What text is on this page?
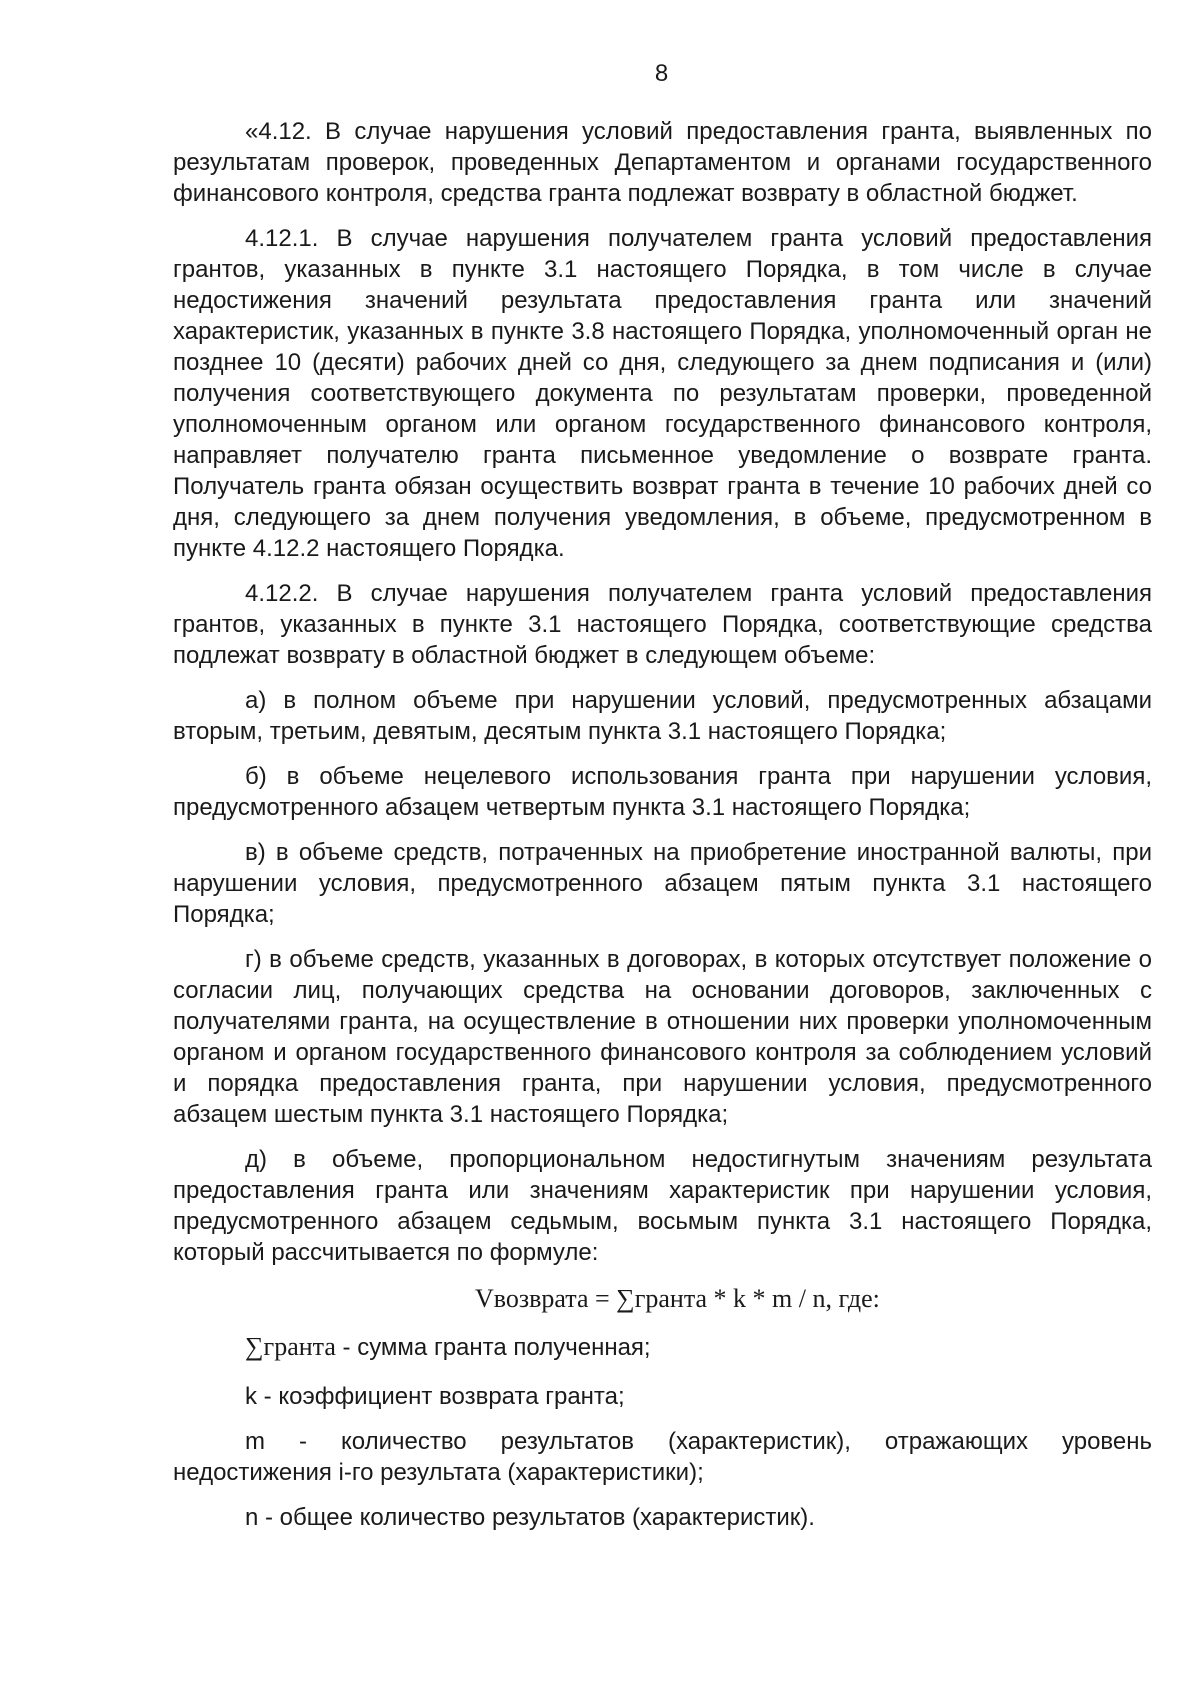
8

«4.12. В случае нарушения условий предоставления гранта, выявленных по результатам проверок, проведенных Департаментом и органами государственного финансового контроля, средства гранта подлежат возврату в областной бюджет.

4.12.1. В случае нарушения получателем гранта условий предоставления грантов, указанных в пункте 3.1 настоящего Порядка, в том числе в случае недостижения значений результата предоставления гранта или значений характеристик, указанных в пункте 3.8 настоящего Порядка, уполномоченный орган не позднее 10 (десяти) рабочих дней со дня, следующего за днем подписания и (или) получения соответствующего документа по результатам проверки, проведенной уполномоченным органом или органом государственного финансового контроля, направляет получателю гранта письменное уведомление о возврате гранта. Получатель гранта обязан осуществить возврат гранта в течение 10 рабочих дней со дня, следующего за днем получения уведомления, в объеме, предусмотренном в пункте 4.12.2 настоящего Порядка.

4.12.2. В случае нарушения получателем гранта условий предоставления грантов, указанных в пункте 3.1 настоящего Порядка, соответствующие средства подлежат возврату в областной бюджет в следующем объеме:

а) в полном объеме при нарушении условий, предусмотренных абзацами вторым, третьим, девятым, десятым пункта 3.1 настоящего Порядка;

б) в объеме нецелевого использования гранта при нарушении условия, предусмотренного абзацем четвертым пункта 3.1 настоящего Порядка;

в) в объеме средств, потраченных на приобретение иностранной валюты, при нарушении условия, предусмотренного абзацем пятым пункта 3.1 настоящего Порядка;

г) в объеме средств, указанных в договорах, в которых отсутствует положение о согласии лиц, получающих средства на основании договоров, заключенных с получателями гранта, на осуществление в отношении них проверки уполномоченным органом и органом государственного финансового контроля за соблюдением условий и порядка предоставления гранта, при нарушении условия, предусмотренного абзацем шестым пункта 3.1 настоящего Порядка;

д) в объеме, пропорциональном недостигнутым значениям результата предоставления гранта или значениям характеристик при нарушении условия, предусмотренного абзацем седьмым, восьмым пункта 3.1 настоящего Порядка, который рассчитывается по формуле:

Vвозврата = ∑гранта * k * m / n, где:

∑гранта - сумма гранта полученная;

k - коэффициент возврата гранта;

m - количество результатов (характеристик), отражающих уровень недостижения i-го результата (характеристики);

n - общее количество результатов (характеристик).
